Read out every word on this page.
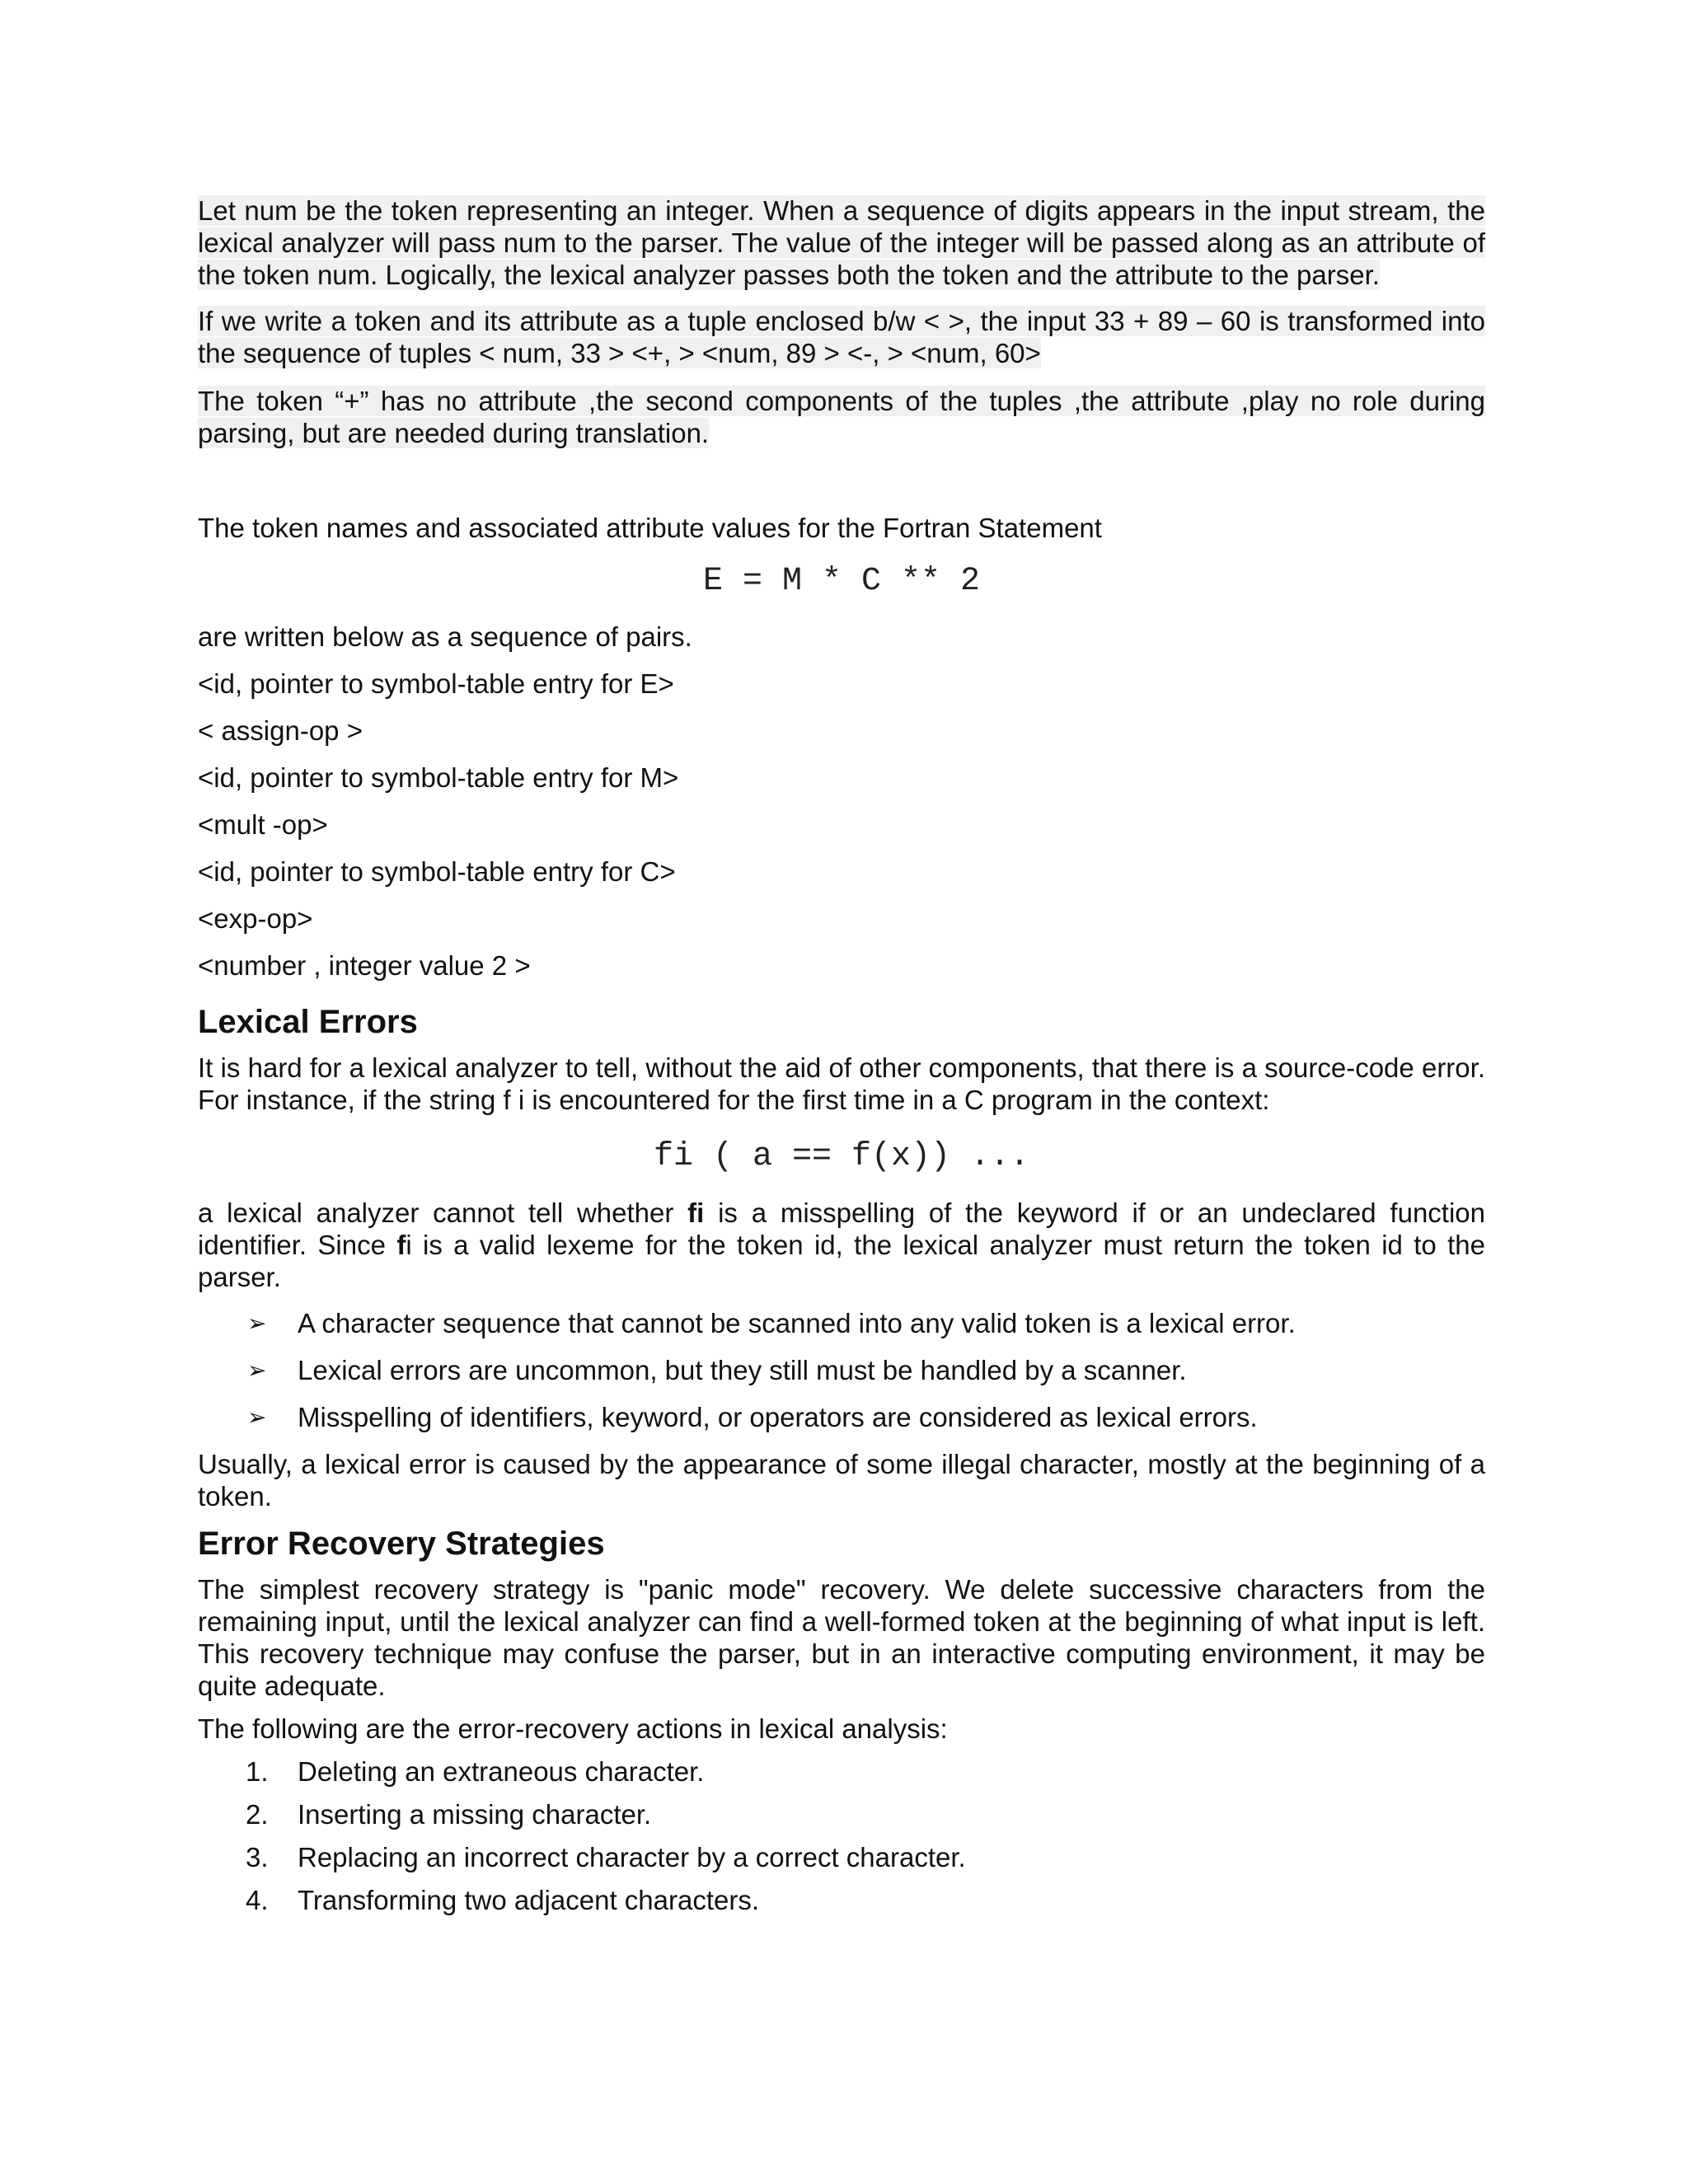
Let num be the token representing an integer. When a sequence of digits appears in the input stream, the lexical analyzer will pass num to the parser. The value of the integer will be passed along as an attribute of the token num. Logically, the lexical analyzer passes both the token and the attribute to the parser.

If we write a token and its attribute as a tuple enclosed b/w < >, the input 33 + 89 – 60 is transformed into the sequence of tuples < num, 33 > <+, > <num, 89 > <-, > <num, 60>

The token “+” has no attribute ,the second components of the tuples ,the attribute ,play no role during parsing, but are needed during translation.

The token names and associated attribute values for the Fortran Statement

E = M * C ** 2

are written below as a sequence of pairs.

<id, pointer to symbol-table entry for E>

< assign-op >

<id, pointer to symbol-table entry for M>

<mult -op>

<id, pointer to symbol-table entry for C>

<exp-op>

<number , integer value 2 >

Lexical Errors

It is hard for a lexical analyzer to tell, without the aid of other components, that there is a source-code error. For instance, if the string f i is encountered for the first time in a C program in the context:

fi ( a == f(x)) ...

a lexical analyzer cannot tell whether fi is a misspelling of the keyword if or an undeclared function identifier. Since fi is a valid lexeme for the token id, the lexical analyzer must return the token id to the parser.

➢ A character sequence that cannot be scanned into any valid token is a lexical error.
➢ Lexical errors are uncommon, but they still must be handled by a scanner.
➢ Misspelling of identifiers, keyword, or operators are considered as lexical errors.

Usually, a lexical error is caused by the appearance of some illegal character, mostly at the beginning of a token.

Error Recovery Strategies

The simplest recovery strategy is "panic mode" recovery. We delete successive characters from the remaining input, until the lexical analyzer can find a well-formed token at the beginning of what input is left. This recovery technique may confuse the parser, but in an interactive computing environment, it may be quite adequate.

The following are the error-recovery actions in lexical analysis:

1. Deleting an extraneous character.
2. Inserting a missing character.
3. Replacing an incorrect character by a correct character.
4. Transforming two adjacent characters.
